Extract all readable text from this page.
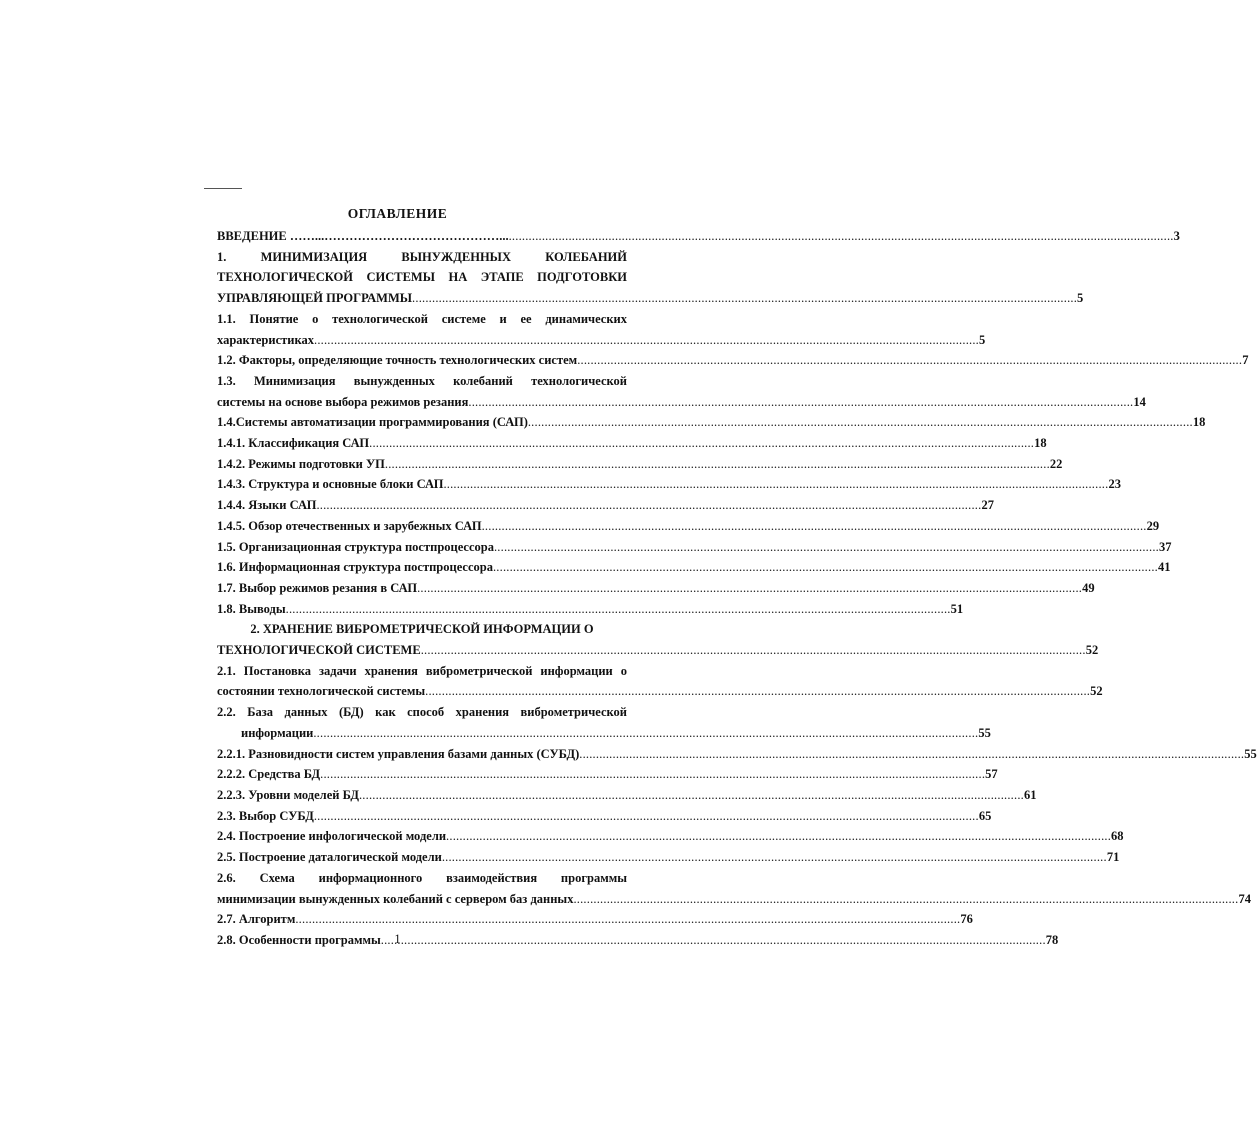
ОГЛАВЛЕНИЕ
ВВЕДЕНИЕ ……...……………………………………... .....	3
1. МИНИМИЗАЦИЯ ВЫНУЖДЕННЫХ КОЛЕБАНИЙ
ТЕХНОЛОГИЧЕСКОЙ СИСТЕМЫ НА ЭТАПЕ ПОДГОТОВКИ
УПРАВЛЯЮЩЕЙ ПРОГРАММЫ .....	5
1.1. Понятие о технологической системе и ее динамических
характеристиках .....	5
1.2. Факторы, определяющие точность технологических систем .....	7
1.3. Минимизация вынужденных колебаний технологической
системы на основе выбора режимов резания .....	14
1.4.Системы автоматизации программирования (САП) .....	18
1.4.1. Классификация САП .....	18
1.4.2. Режимы подготовки УП .....	22
1.4.3. Структура и основные блоки САП .....	23
1.4.4. Языки САП .....	27
1.4.5. Обзор отечественных и зарубежных САП .....	29
1.5. Организационная структура постпроцессора .....	37
1.6. Информационная структура постпроцессора .....	41
1.7. Выбор режимов резания в САП .....	49
1.8. Выводы .....	51
2. ХРАНЕНИЕ ВИБРОМЕТРИЧЕСКОЙ ИНФОРМАЦИИ О
ТЕХНОЛОГИЧЕСКОЙ СИСТЕМЕ .....	52
2.1. Постановка задачи хранения виброметрической информации о
состоянии технологической системы .....	52
2.2. База данных (БД) как способ хранения виброметрической
информации .....	55
2.2.1. Разновидности систем управления базами данных (СУБД) .....	55
2.2.2. Средства БД .....	57
2.2.3. Уровни моделей БД .....	61
2.3. Выбор СУБД .....	65
2.4. Построение инфологической модели .....	68
2.5. Построение даталогической модели .....	71
2.6. Схема информационного взаимодействия программы
минимизации вынужденных колебаний с сервером баз данных .....	74
2.7. Алгоритм .....	76
2.8. Особенности программы .....	78
1
